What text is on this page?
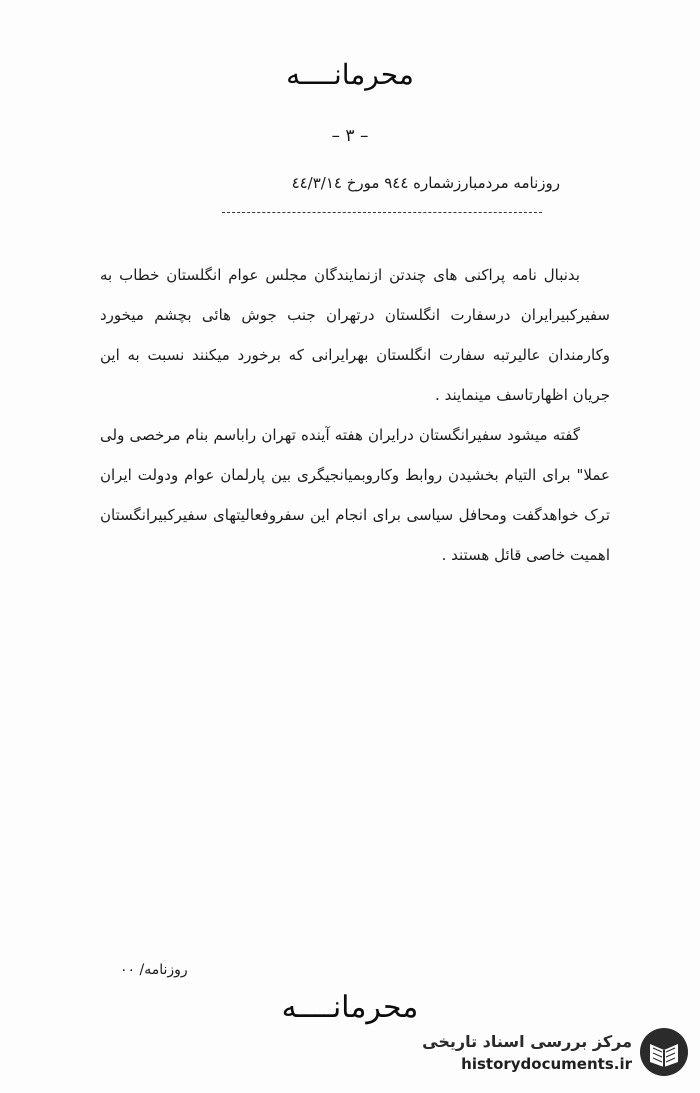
محرمانــــه
– ٣ –
روزنامه مردمبارزشماره ٩٤٤ مورخ ٤٤/٣/١٤

بدنبال نامه پراکنی های چندتن ازنمایندگان مجلس عوام انگلستان خطاب به سفیرکبیرایران درسفارت انگلستان درتهران جنب جوش هائی بچشم میخورد وکارمندان عالیرتبه سفارت انگلستان بهرایرانی که برخورد میکنند نسبت به این جریان اظهارتاسف مینمایند .

گفته میشود سفیرانگستان درایران هفته آینده تهران راباسم بنام مرخصی ولی عملا" برای التیام بخشیدن روابط وکاروبمیانجیگری بین پارلمان عوام ودولت ایران ترک خواهدگفت ومحافل سیاسی برای انجام این سفروفعالیتهای سفیرکبیرانگستان اهمیت خاصی قائل هستند .

روزنامه/ ٠٠
محرمانــــه
مرکز بررسی اسناد تاریخی
historydocuments.ir
